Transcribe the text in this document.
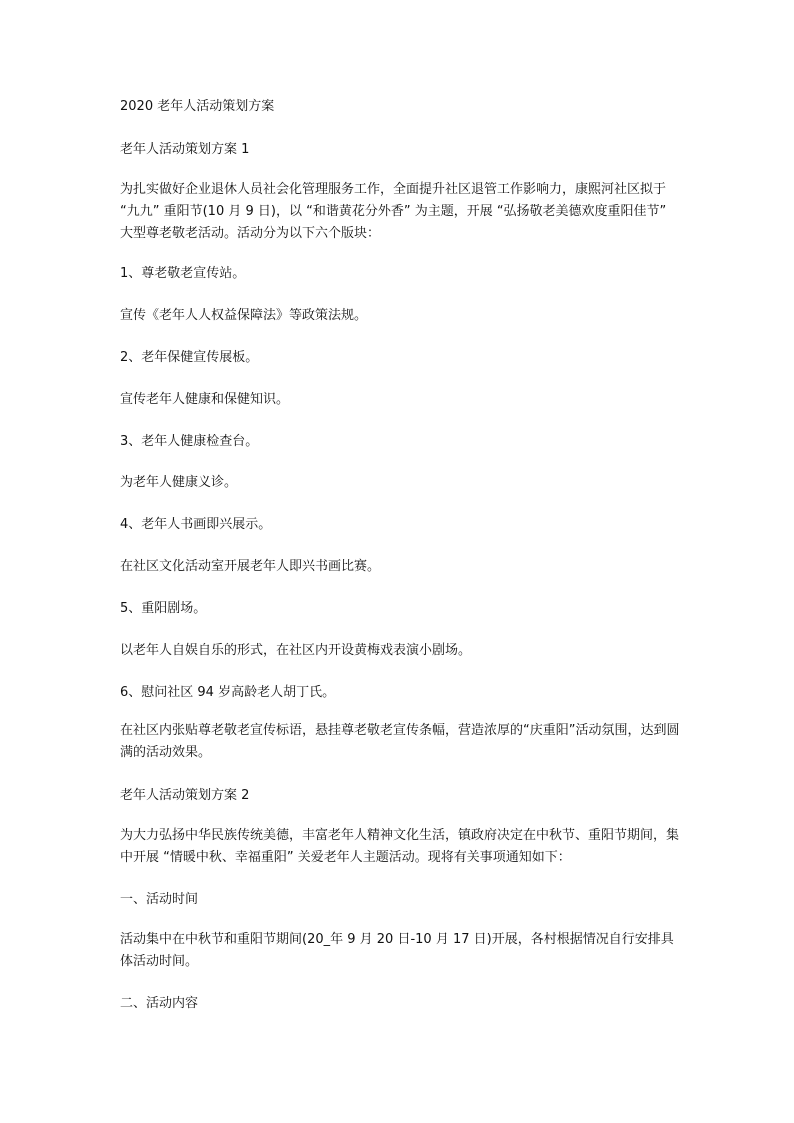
2020 老年人活动策划方案
老年人活动策划方案 1
为扎实做好企业退休人员社会化管理服务工作，全面提升社区退管工作影响力，康熙河社区拟于 “九九” 重阳节(10 月 9 日)，以 “和谐黄花分外香” 为主题，开展 “弘扬敬老美德欢度重阳佳节” 大型尊老敬老活动。活动分为以下六个版块：
1、尊老敬老宣传站。
宣传《老年人人权益保障法》等政策法规。
2、老年保健宣传展板。
宣传老年人健康和保健知识。
3、老年人健康检查台。
为老年人健康义诊。
4、老年人书画即兴展示。
在社区文化活动室开展老年人即兴书画比赛。
5、重阳剧场。
以老年人自娱自乐的形式，在社区内开设黄梅戏表演小剧场。
6、慰问社区 94 岁高龄老人胡丁氏。
在社区内张贴尊老敬老宣传标语，悬挂尊老敬老宣传条幅，营造浓厚的“庆重阳”活动氛围，达到圆满的活动效果。
老年人活动策划方案 2
为大力弘扬中华民族传统美德，丰富老年人精神文化生活，镇政府决定在中秋节、重阳节期间，集中开展 “情暖中秋、幸福重阳” 关爱老年人主题活动。现将有关事项通知如下：
一、活动时间
活动集中在中秋节和重阳节期间(20_年 9 月 20 日-10 月 17 日)开展，各村根据情况自行安排具体活动时间。
二、活动内容
